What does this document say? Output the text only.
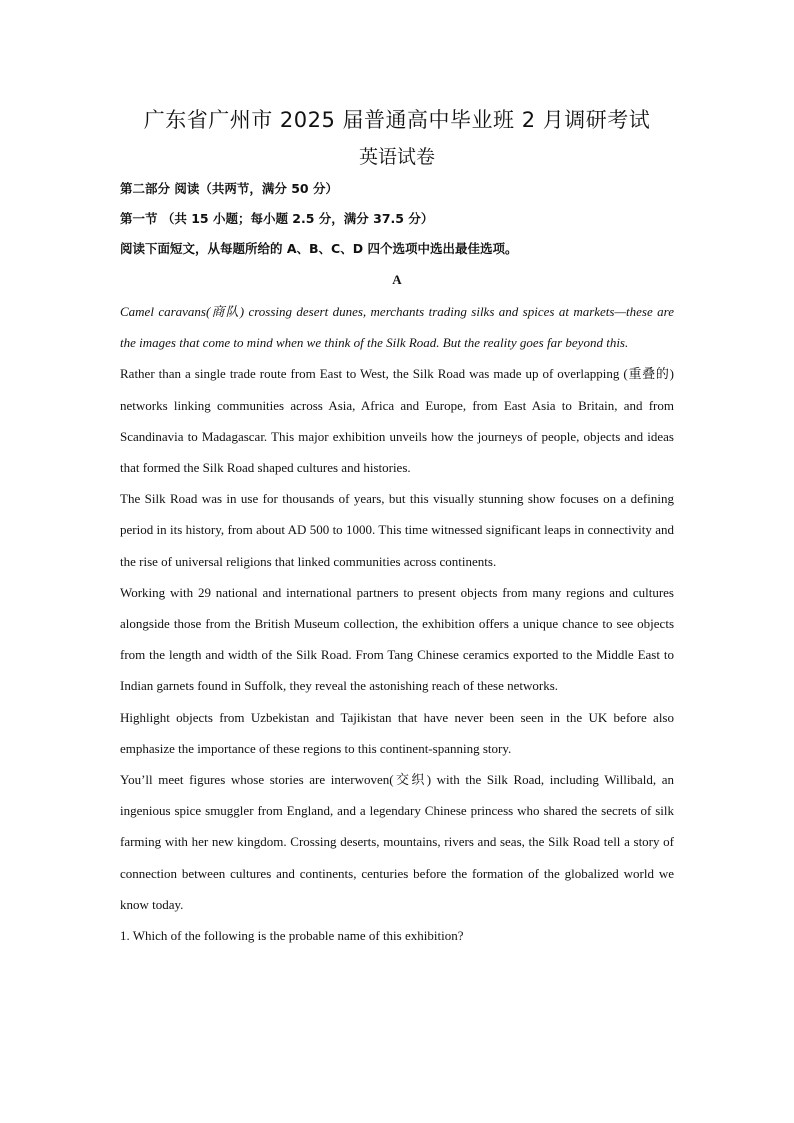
广东省广州市 2025 届普通高中毕业班 2 月调研考试
英语试卷

第二部分 阅读（共两节，满分 50 分）

第一节 （共 15 小题；每小题 2.5 分，满分 37.5 分）

阅读下面短文，从每题所给的 A、B、C、D 四个选项中选出最佳选项。

A

Camel caravans(商队) crossing desert dunes, merchants trading silks and spices at markets—these are the images that come to mind when we think of the Silk Road. But the reality goes far beyond this.

Rather than a single trade route from East to West, the Silk Road was made up of overlapping (重叠的) networks linking communities across Asia, Africa and Europe, from East Asia to Britain, and from Scandinavia to Madagascar. This major exhibition unveils how the journeys of people, objects and ideas that formed the Silk Road shaped cultures and histories.

The Silk Road was in use for thousands of years, but this visually stunning show focuses on a defining period in its history, from about AD 500 to 1000. This time witnessed significant leaps in connectivity and the rise of universal religions that linked communities across continents.

Working with 29 national and international partners to present objects from many regions and cultures alongside those from the British Museum collection, the exhibition offers a unique chance to see objects from the length and width of the Silk Road. From Tang Chinese ceramics exported to the Middle East to Indian garnets found in Suffolk, they reveal the astonishing reach of these networks.

Highlight objects from Uzbekistan and Tajikistan that have never been seen in the UK before also emphasize the importance of these regions to this continent-spanning story.

You’ll meet figures whose stories are interwoven(交织) with the Silk Road, including Willibald, an ingenious spice smuggler from England, and a legendary Chinese princess who shared the secrets of silk farming with her new kingdom. Crossing deserts, mountains, rivers and seas, the Silk Road tell a story of connection between cultures and continents, centuries before the formation of the globalized world we know today.

1. Which of the following is the probable name of this exhibition?
